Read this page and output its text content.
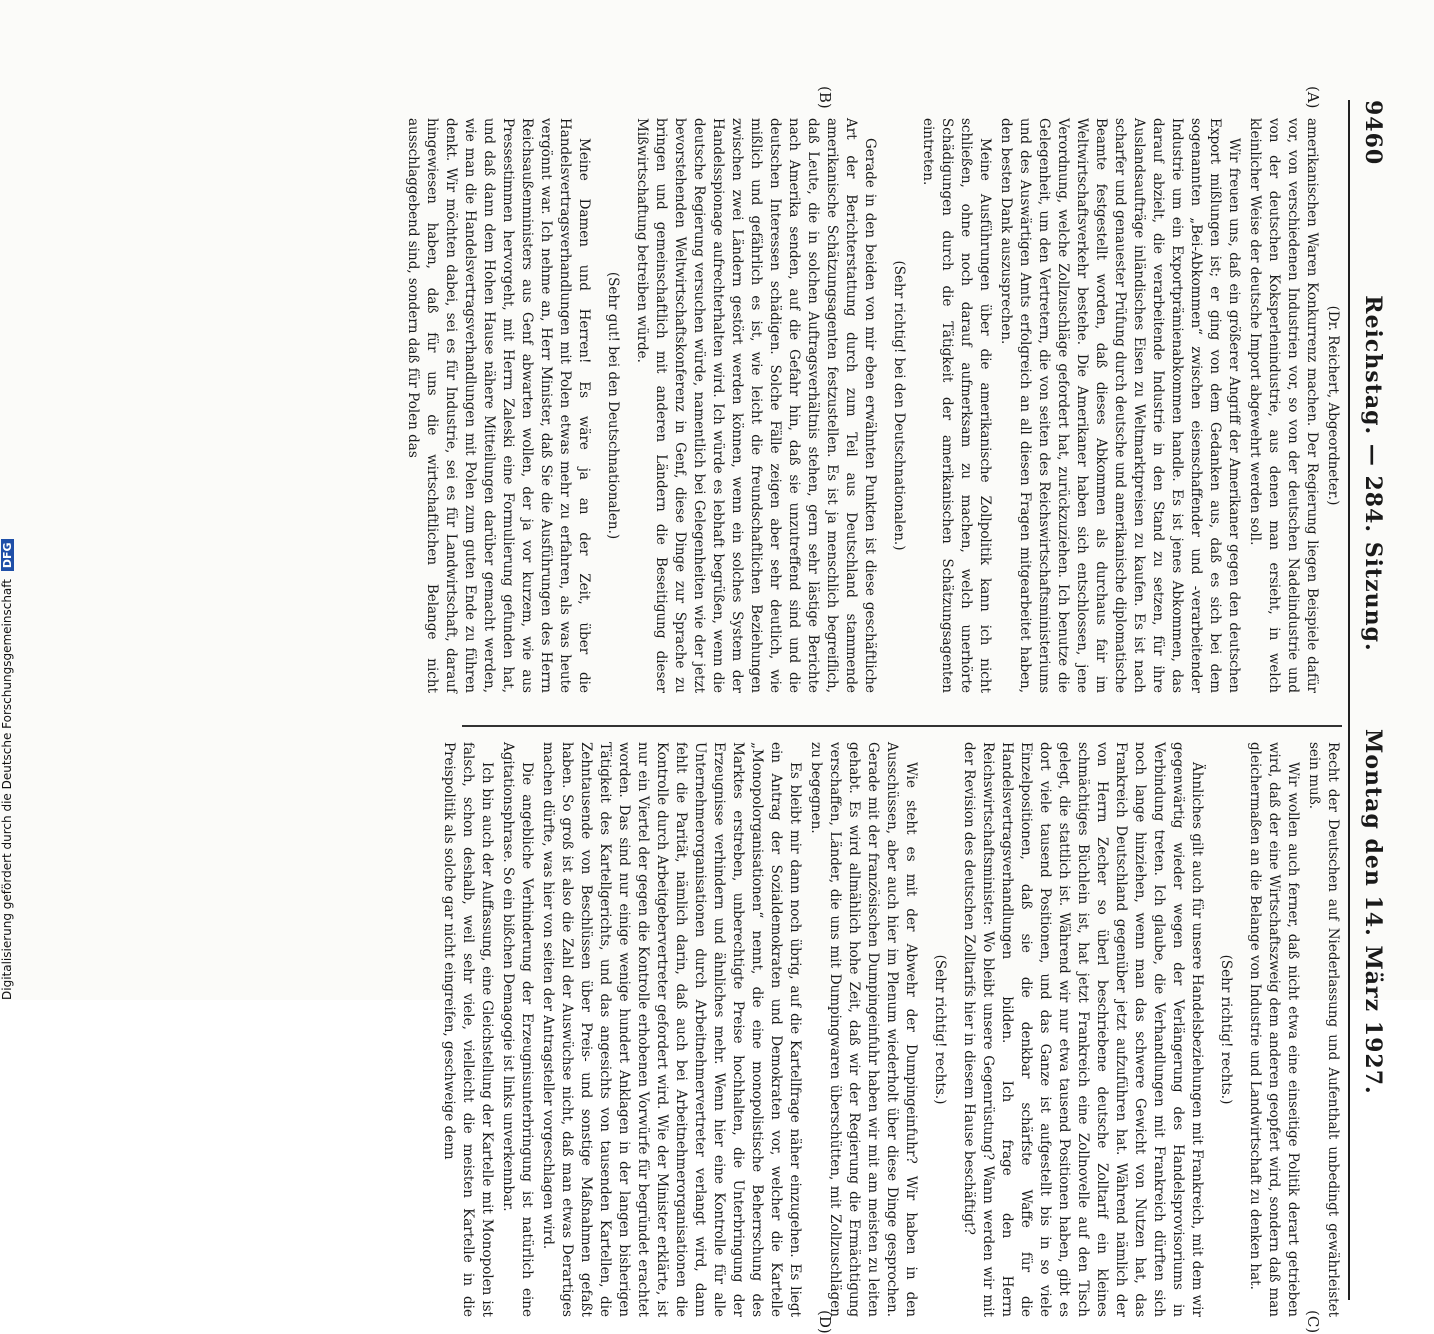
9460
Reichstag. — 284. Sitzung.  Montag den 14. März 1927.
(A)
(B)
(C)
(D)
(Dr. Reichert, Abgeordneter.)

amerikanischen Waren Konkurrenz machen. Der Regierung liegen Beispiele dafür vor, von verschiedenen Industrien vor, so von der deutschen Nadelindustrie und von der deutschen Koksperlenindustrie, aus denen man ersieht, in welch kleinlicher Weise der deutsche Import abgewehrt werden soll.

Wir freuen uns, daß ein größerer Angriff der Amerikaner gegen den deutschen Export mißlungen ist; er ging von dem Gedanken aus, daß es sich bei dem sogenannten „Bei-Abkommen“ zwischen eisenschaffender und -verarbeitender Industrie um ein Exportprämienabkommen handle. Es ist jenes Abkommen, das darauf abzielt, die verarbeitende Industrie in den Stand zu setzen, für ihre Auslandsaufträge inländisches Eisen zu Weltmarktpreisen zu kaufen. Es ist nach scharfer und genauester Prüfung durch deutsche und amerikanische diplomatische Beamte festgestellt worden, daß dieses Abkommen als durchaus fair im Weltwirtschaftsverkehr bestehe. Die Amerikaner haben sich entschlossen, jene Verordnung, welche Zollzuschläge gefordert hat, zurückzuziehen. Ich benutze die Gelegenheit, um den Vertretern, die von seiten des Reichswirtschaftsministeriums und des Auswärtigen Amts erfolgreich an all diesen Fragen mitgearbeitet haben, den besten Dank auszusprechen.

Meine Ausführungen über die amerikanische Zollpolitik kann ich nicht schließen, ohne noch darauf aufmerksam zu machen, welch unerhörte Schädigungen durch die Tätigkeit der amerikanischen Schätzungsagenten eintreten.

(Sehr richtig! bei den Deutschnationalen.)

Gerade in den beiden von mir eben erwähnten Punkten ist diese geschäftliche Art der Berichterstattung durch zum Teil aus Deutschland stammende amerikanische Schätzungsagenten festzustellen. Es ist ja menschlich begreiflich, daß Leute, die in solchen Auftragsverhältnis stehen, gern sehr lästige Berichte nach Amerika senden, auf die Gefahr hin, daß sie unzutreffend sind und die deutschen Interessen schädigen. Solche Fälle zeigen aber sehr deutlich, wie mißlich und gefährlich es ist, wie leicht die freundschaftlichen Beziehungen zwischen zwei Ländern gestört werden können, wenn ein solches System der Handelsspionage aufrechterhalten wird. Ich würde es lebhaft begrüßen, wenn die deutsche Regierung versuchen würde, namentlich bei Gelegenheiten wie der jetzt bevorstehenden Weltwirtschaftskonferenz in Genf, diese Dinge zur Sprache zu bringen und gemeinschaftlich mit anderen Ländern die Beseitigung dieser Mißwirtschaftung betreiben würde.

(Sehr gut! bei den Deutschnationalen.)

Meine Damen und Herren! Es wäre ja an der Zeit, über die Handelsvertragsverhandlungen mit Polen etwas mehr zu erfahren, als was heute vergönnt war. Ich nehme an, Herr Minister, daß Sie die Ausführungen des Herrn Reichsaußenministers aus Genf abwarten wollen, der ja vor kurzem, wie aus Pressestimmen hervorgeht, mit Herrn Zaleski eine Formulierung gefunden hat, und daß dann dem Hohen Hause nähere Mitteilungen darüber gemacht werden, wie man die Handelsvertragsverhandlungen mit Polen zum guten Ende zu führen denkt. Wir möchten dabei, sei es für Industrie, sei es für Landwirtschaft, darauf hingewiesen haben, daß für uns die wirtschaftlichen Belange nicht ausschlaggebend sind, sondern daß für Polen das

Recht der Deutschen auf Niederlassung und Aufenthalt unbedingt gewährleistet sein muß.

Wir wollen auch ferner, daß nicht etwa eine einseitige Politik derart getrieben wird, daß der eine Wirtschaftszweig dem anderen geopfert wird, sondern daß man gleichermaßen an die Belange von Industrie und Landwirtschaft zu denken hat.

(Sehr richtig! rechts.)

Ähnliches gilt auch für unsere Handelsbeziehungen mit Frankreich, mit dem wir gegenwärtig wieder wegen der Verlängerung des Handelsprovisoriums in Verbindung treten. Ich glaube, die Verhandlungen mit Frankreich dürften sich noch lange hinziehen, wenn man das schwere Gewicht von Nutzen hat, das Frankreich Deutschland gegenüber jetzt aufzuführen hat. Während nämlich der von Herrn Zecher so überl beschriebene deutsche Zolltarif ein kleines schmächtiges Büchlein ist, hat jetzt Frankreich eine Zollnovelle auf den Tisch gelegt, die stattlich ist. Während wir nur etwa tausend Positionen haben, gibt es dort viele tausend Positionen, und das Ganze ist aufgestellt bis in so viele Einzelpositionen, daß sie die denkbar schärfste Waffe für die Handelsvertragsverhandlungen bilden. Ich frage den Herrn Reichswirtschaftsminister: Wo bleibt unsere Gegenrüstung? Wann werden wir mit der Revision des deutschen Zolltarifs hier in diesem Hause beschäftigt?

(Sehr richtig! rechts.)

Wie steht es mit der Abwehr der Dumpingeinfuhr? Wir haben in den Ausschüssen, aber auch hier im Plenum wiederholt über diese Dinge gesprochen. Gerade mit der französischen Dumpingeinfuhr haben wir mit am meisten zu leiten gehabt. Es wird allmählich hohe Zeit, daß wir der Regierung die Ermächtigung verschaffen, Länder, die uns mit Dumpingwaren überschütten, mit Zollzuschlägen zu begegnen.

Es bleibt mir dann noch übrig, auf die Kartellfrage näher einzugehen. Es liegt ein Antrag der Sozialdemokraten und Demokraten vor, welcher die Kartelle „Monopolorganisationen“ nennt, die eine monopolistische Beherrschung des Marktes erstreben, unberechtigte Preise hochhalten, die Unterbringung der Erzeugnisse verhindern und ähnliches mehr. Wenn hier eine Kontrolle für alle Unternehmerorganisationen durch Arbeitnehmervertreter verlangt wird, dann fehlt die Parität, nämlich darin, daß auch bei Arbeitnehmerorganisationen die Kontrolle durch Arbeitgebervertreter gefordert wird. Wie der Minister erklärte, ist nur ein Viertel der gegen die Kontrolle erhobenen Vorwürfe für begründet erachtet worden. Das sind nur einige wenige hundert Anklagen in der langen bisherigen Tätigkeit des Kartellgerichts, und das angesichts von tausenden Kartellen, die Zehntausende von Beschlüssen über Preis- und sonstige Maßnahmen gefaßt haben. So groß ist also die Zahl der Auswüchse nicht, daß man etwas Derartiges machen dürfte, was hier von seiten der Antragsteller vorgeschlagen wird.

Die angebliche Verhinderung der Erzeugnisunterbringung ist natürlich eine Agitationsphrase. So ein bißchen Demagogie ist links unverkennbar.

Ich bin auch der Auffassung, eine Gleichstellung der Kartelle mit Monopolen ist falsch, schon deshalb, weil sehr viele, vielleicht die meisten Kartelle in die Preispolitik als solche gar nicht eingreifen, geschweige denn

Digitalisierung gefördert durch die Deutsche Forschungsgemeinschaft DFG
